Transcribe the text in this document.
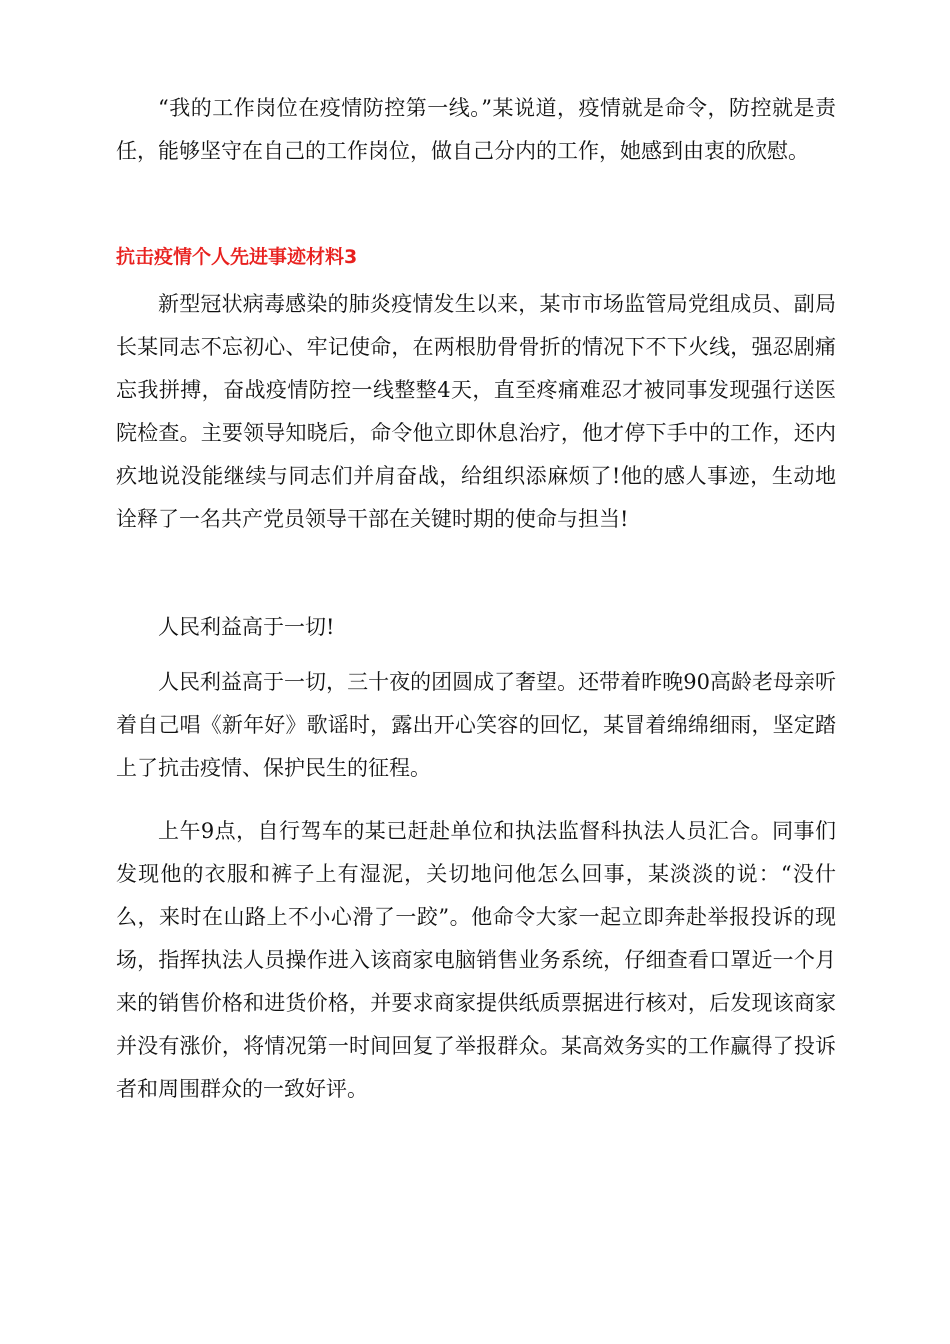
“我的工作岗位在疫情防控第一线。”某说道，疫情就是命令，防控就是责任，能够坚守在自己的工作岗位，做自己分内的工作，她感到由衷的欣慰。

抗击疫情个人先进事迹材料3

新型冠状病毒感染的肺炎疫情发生以来，某市市场监管局党组成员、副局长某同志不忘初心、牢记使命，在两根肋骨骨折的情况下不下火线，强忍剧痛忘我拼搏，奋战疫情防控一线整整4天，直至疼痛难忍才被同事发现强行送医院检查。主要领导知晓后，命令他立即休息治疗，他才停下手中的工作，还内疚地说没能继续与同志们并肩奋战，给组织添麻烦了!他的感人事迹，生动地诠释了一名共产党员领导干部在关键时期的使命与担当!

人民利益高于一切!

人民利益高于一切，三十夜的团圆成了奢望。还带着昨晚90高龄老母亲听着自己唱《新年好》歌谣时，露出开心笑容的回忆，某冒着绵绵细雨，坚定踏上了抗击疫情、保护民生的征程。

上午9点，自行驾车的某已赶赴单位和执法监督科执法人员汇合。同事们发现他的衣服和裤子上有湿泥，关切地问他怎么回事，某淡淡的说：“没什么，来时在山路上不小心滑了一跤”。他命令大家一起立即奔赴举报投诉的现场，指挥执法人员操作进入该商家电脑销售业务系统，仔细查看口罩近一个月来的销售价格和进货价格，并要求商家提供纸质票据进行核对，后发现该商家并没有涨价，将情况第一时间回复了举报群众。某高效务实的工作赢得了投诉者和周围群众的一致好评。
